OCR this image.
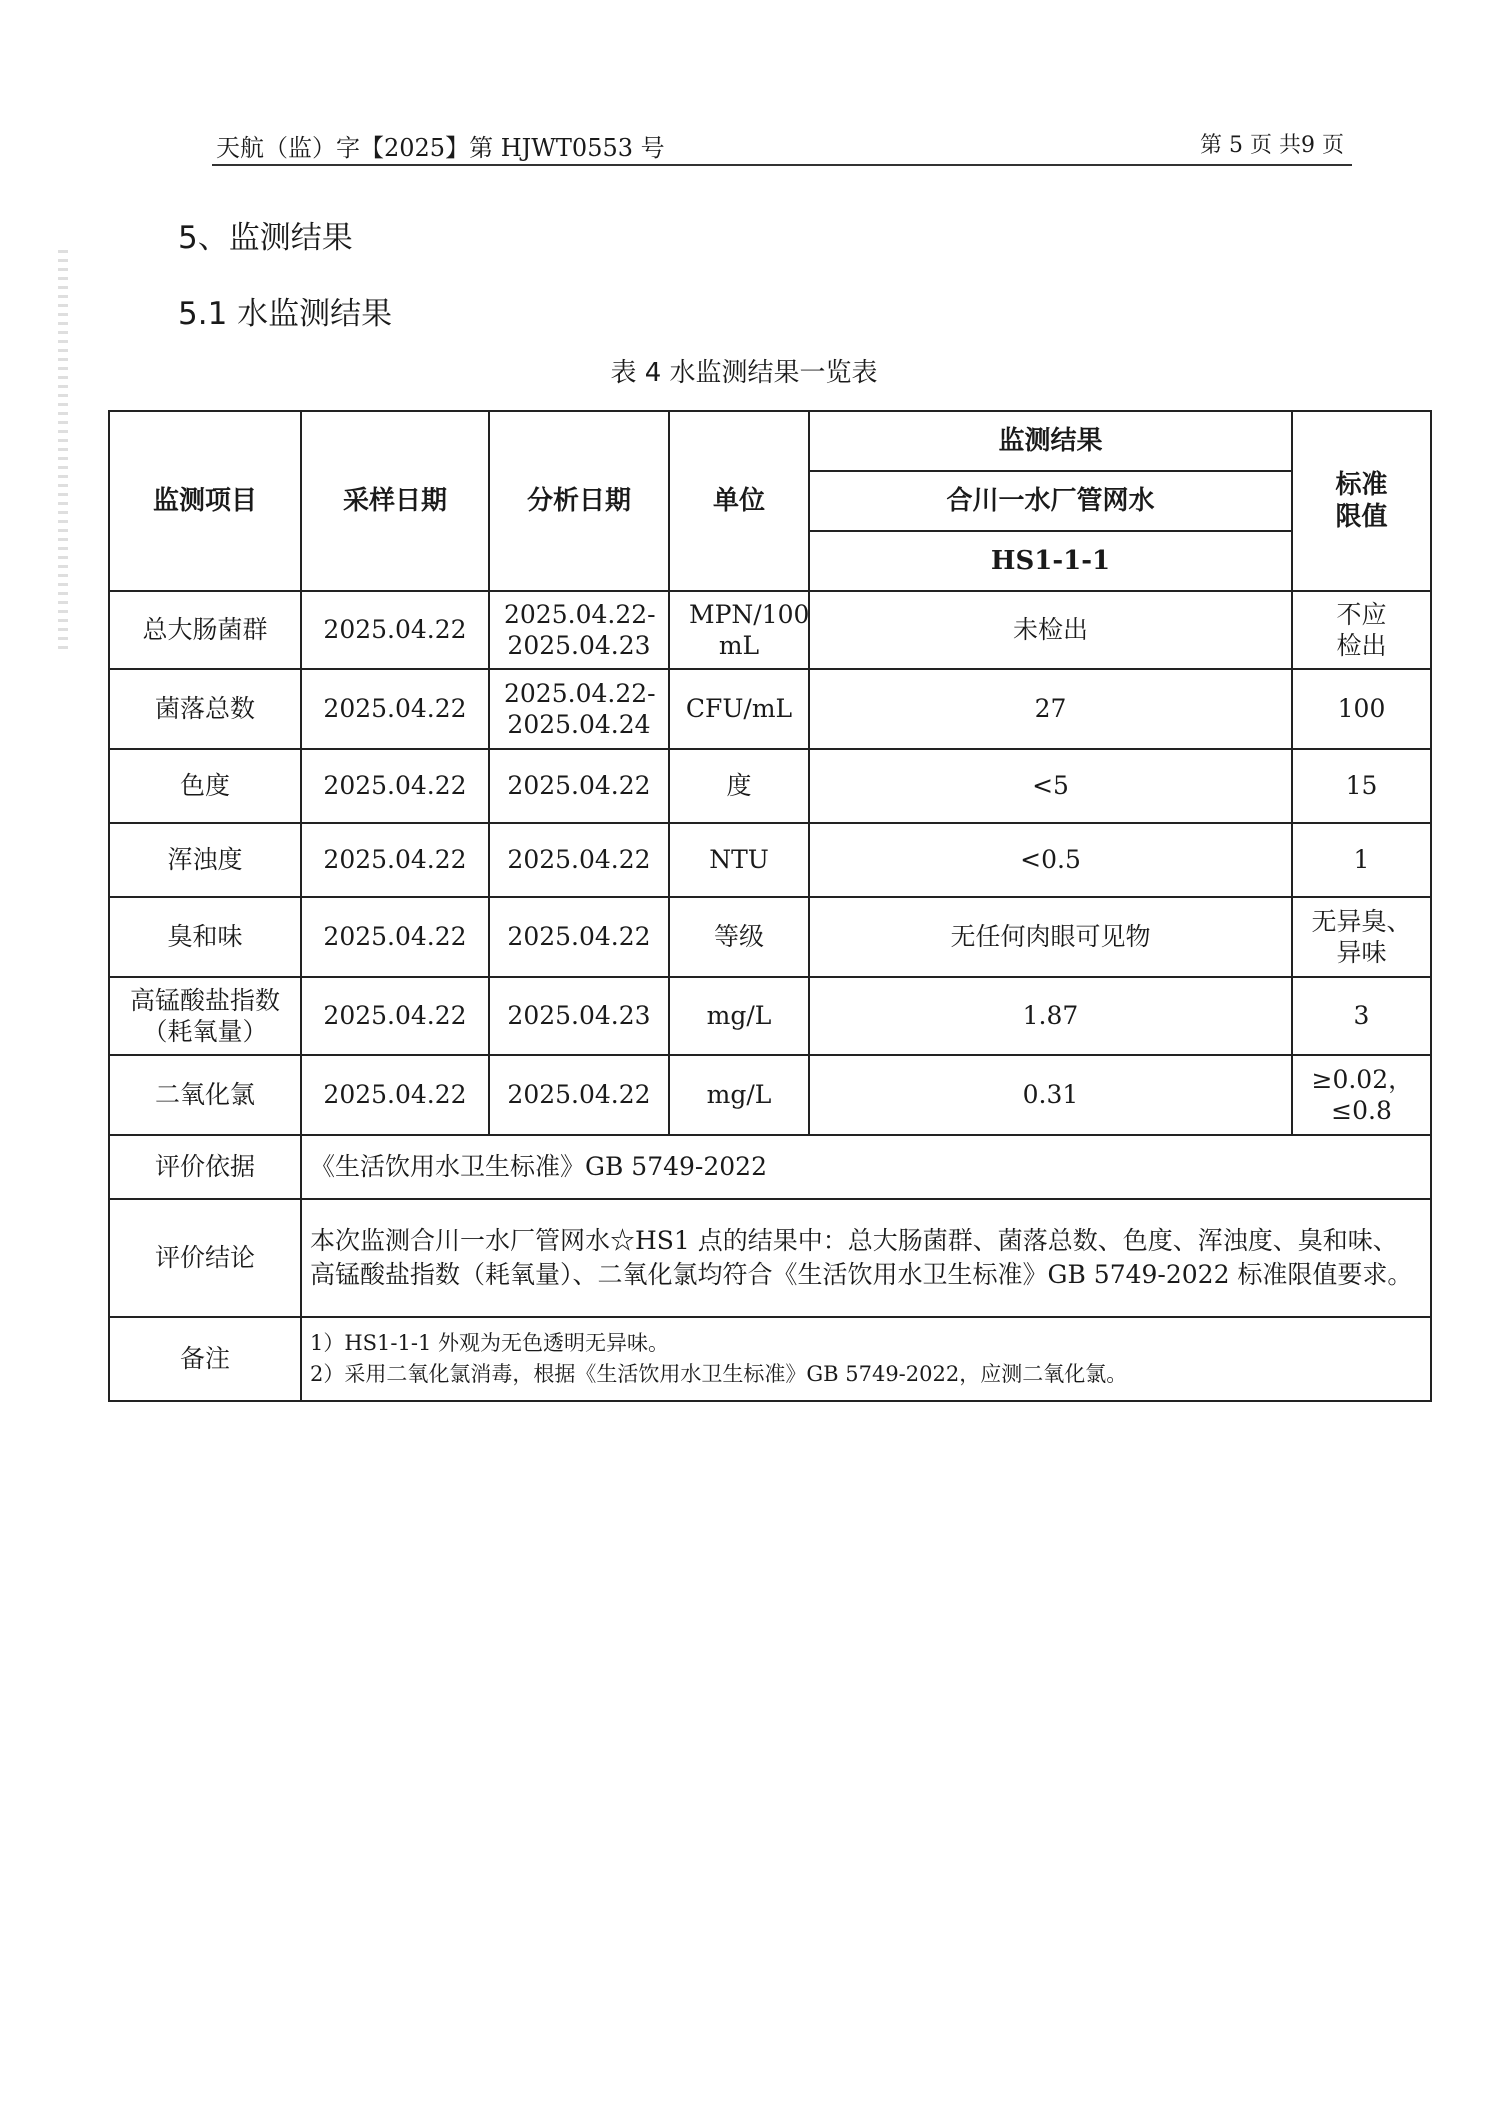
天航（监）字【2025】第 HJWT0553 号	第 5 页 共9 页
5、监测结果
5.1 水监测结果
表 4 水监测结果一览表
监测项目	采样日期	分析日期	单位	监测结果	标准限值
				合川一水厂管网水	
				HS1-1-1	
总大肠菌群	2025.04.22	2025.04.22-2025.04.23	MPN/100 mL	未检出	不应检出
菌落总数	2025.04.22	2025.04.22-2025.04.24	CFU/mL	27	100
色度	2025.04.22	2025.04.22	度	<5	15
浑浊度	2025.04.22	2025.04.22	NTU	<0.5	1
臭和味	2025.04.22	2025.04.22	等级	无任何肉眼可见物	无异臭、异味
高锰酸盐指数（耗氧量）	2025.04.22	2025.04.23	mg/L	1.87	3
二氧化氯	2025.04.22	2025.04.22	mg/L	0.31	≥0.02，≤0.8
评价依据	《生活饮用水卫生标准》GB 5749-2022				
评价结论	本次监测合川一水厂管网水☆HS1 点的结果中：总大肠菌群、菌落总数、色度、浑浊度、臭和味、高锰酸盐指数（耗氧量）、二氧化氯均符合《生活饮用水卫生标准》GB 5749-2022 标准限值要求。				
备注	1）HS1-1-1 外观为无色透明无异味。
2）采用二氧化氯消毒，根据《生活饮用水卫生标准》GB 5749-2022，应测二氧化氯。				
